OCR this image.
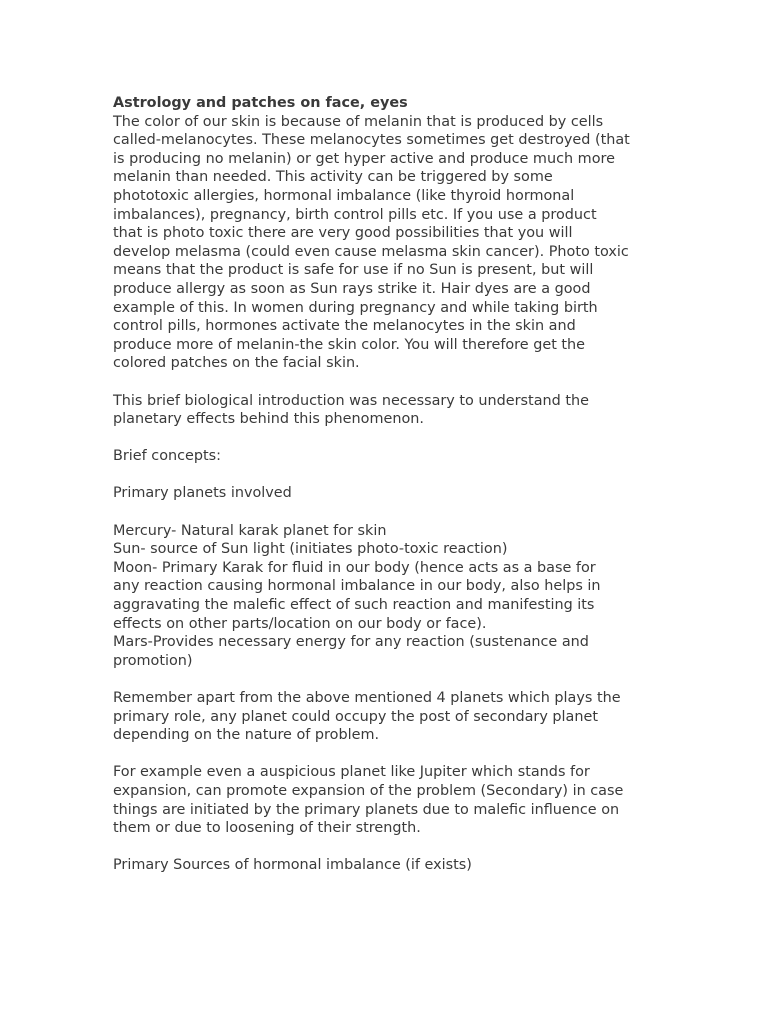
Astrology and patches on face, eyes
The color of our skin is because of melanin that is produced by cells
called-melanocytes. These melanocytes sometimes get destroyed (that
is producing no melanin) or get hyper active and produce much more
melanin than needed. This activity can be triggered by some
phototoxic allergies, hormonal imbalance (like thyroid hormonal
imbalances), pregnancy, birth control pills etc. If you use a product
that is photo toxic there are very good possibilities that you will
develop melasma (could even cause melasma skin cancer). Photo toxic
means that the product is safe for use if no Sun is present, but will
produce allergy as soon as Sun rays strike it. Hair dyes are a good
example of this. In women during pregnancy and while taking birth
control pills, hormones activate the melanocytes in the skin and
produce more of melanin-the skin color. You will therefore get the
colored patches on the facial skin.
This brief biological introduction was necessary to understand the
planetary effects behind this phenomenon.
Brief concepts:
Primary planets involved
Mercury- Natural karak planet for skin
Sun- source of Sun light (initiates photo-toxic reaction)
Moon- Primary Karak for fluid in our body (hence acts as a base for
any reaction causing hormonal imbalance in our body, also helps in
aggravating the malefic effect of such reaction and manifesting its
effects on other parts/location on our body or face).
Mars-Provides necessary energy for any reaction (sustenance and
promotion)
Remember apart from the above mentioned 4 planets which plays the
primary role, any planet could occupy the post of secondary planet
depending on the nature of problem.
For example even a auspicious planet like Jupiter which stands for
expansion, can promote expansion of the problem (Secondary) in case
things are initiated by the primary planets due to malefic influence on
them or due to loosening of their strength.
Primary Sources of hormonal imbalance (if exists)
